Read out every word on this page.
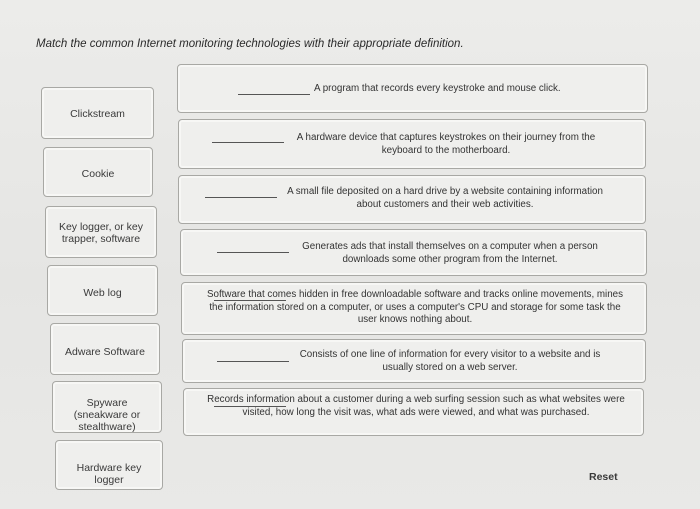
Match the common Internet monitoring technologies with their appropriate definition.
Clickstream
Cookie
Key logger, or key trapper, software
Web log
Adware Software
Spyware (sneakware or stealthware)
Hardware key logger
A program that records every keystroke and mouse click.
A hardware device that captures keystrokes on their journey from the keyboard to the motherboard.
A small file deposited on a hard drive by a website containing information about customers and their web activities.
Generates ads that install themselves on a computer when a person downloads some other program from the Internet.
Software that comes hidden in free downloadable software and tracks online movements, mines the information stored on a computer, or uses a computer's CPU and storage for some task the user knows nothing about.
Consists of one line of information for every visitor to a website and is usually stored on a web server.
Records information about a customer during a web surfing session such as what websites were visited, how long the visit was, what ads were viewed, and what was purchased.
Reset
